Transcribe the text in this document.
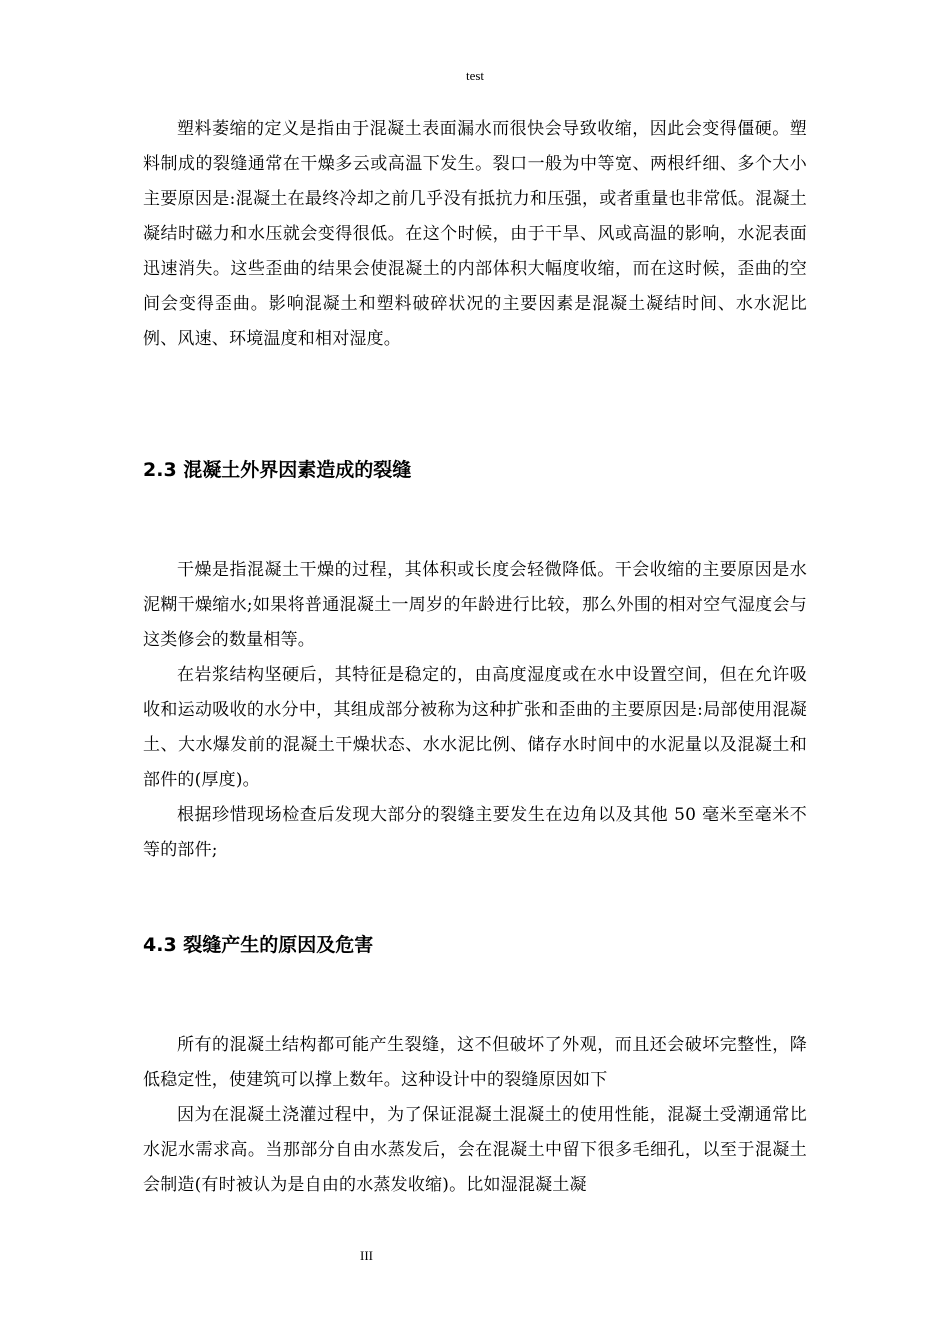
test

塑料萎缩的定义是指由于混凝土表面漏水而很快会导致收缩，因此会变得僵硬。塑料制成的裂缝通常在干燥多云或高温下发生。裂口一般为中等宽、两根纤细、多个大小主要原因是:混凝土在最终冷却之前几乎没有抵抗力和压强，或者重量也非常低。混凝土凝结时磁力和水压就会变得很低。在这个时候，由于干旱、风或高温的影响，水泥表面迅速消失。这些歪曲的结果会使混凝土的内部体积大幅度收缩，而在这时候，歪曲的空间会变得歪曲。影响混凝土和塑料破碎状况的主要因素是混凝土凝结时间、水水泥比例、风速、环境温度和相对湿度。

2.3 混凝土外界因素造成的裂缝

干燥是指混凝土干燥的过程，其体积或长度会轻微降低。干会收缩的主要原因是水泥糊干燥缩水;如果将普通混凝土一周岁的年龄进行比较，那么外围的相对空气湿度会与这类修会的数量相等。

在岩浆结构坚硬后，其特征是稳定的，由高度湿度或在水中设置空间，但在允许吸收和运动吸收的水分中，其组成部分被称为这种扩张和歪曲的主要原因是:局部使用混凝土、大水爆发前的混凝土干燥状态、水水泥比例、储存水时间中的水泥量以及混凝土和部件的(厚度)。

根据珍惜现场检查后发现大部分的裂缝主要发生在边角以及其他 50 毫米至毫米不等的部件;

4.3 裂缝产生的原因及危害

所有的混凝土结构都可能产生裂缝，这不但破坏了外观，而且还会破坏完整性，降低稳定性，使建筑可以撑上数年。这种设计中的裂缝原因如下

因为在混凝土浇灌过程中，为了保证混凝土混凝土的使用性能，混凝土受潮通常比水泥水需求高。当那部分自由水蒸发后，会在混凝土中留下很多毛细孔，以至于混凝土会制造(有时被认为是自由的水蒸发收缩)。比如湿混凝土凝

III
